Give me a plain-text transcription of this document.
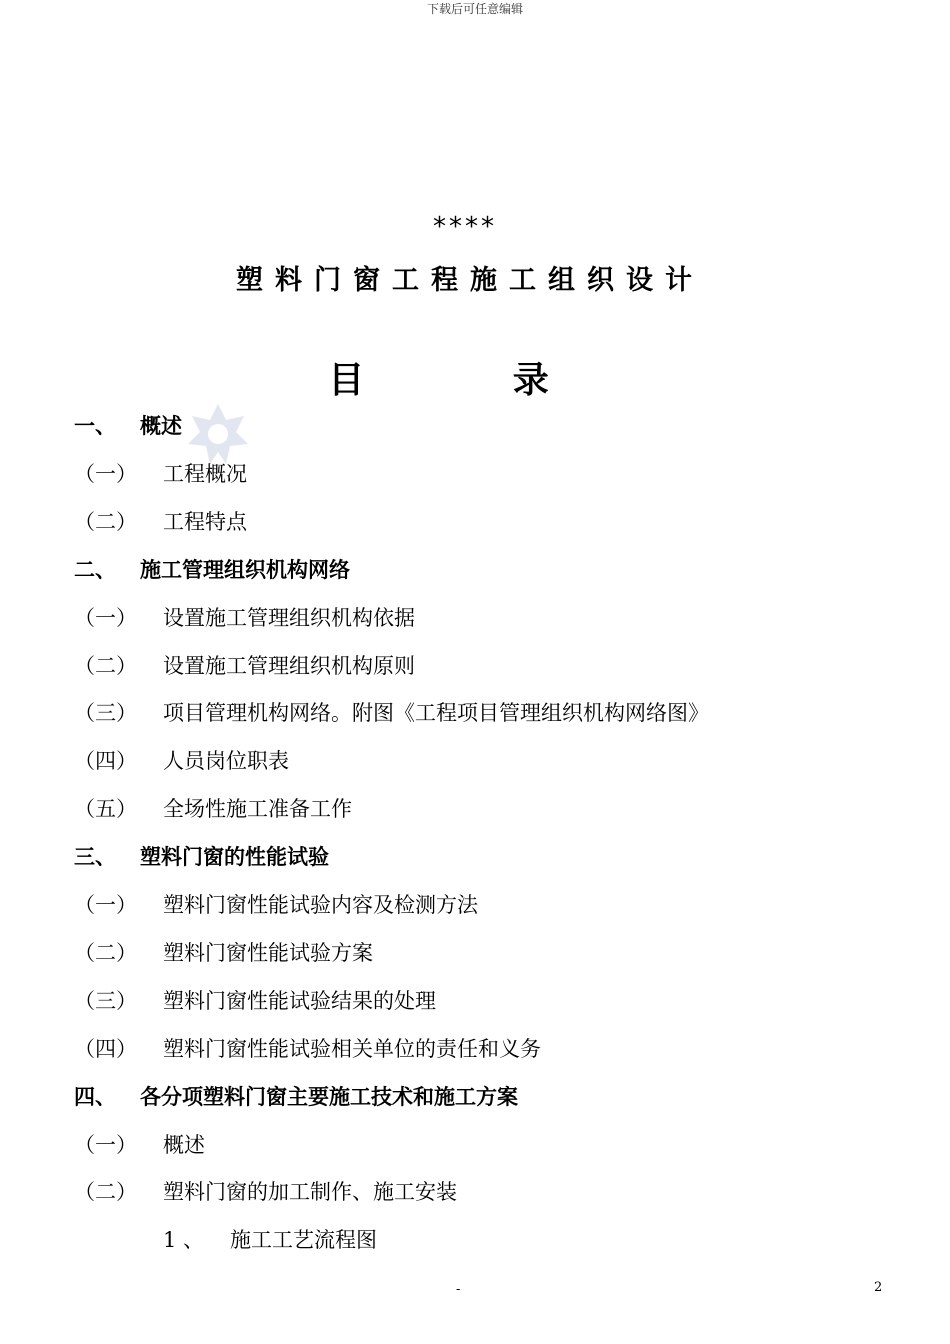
下载后可任意编辑
****
塑料门窗工程施工组织设计
目 录
一、 概述
（一） 工程概况
（二） 工程特点
二、 施工管理组织机构网络
（一） 设置施工管理组织机构依据
（二） 设置施工管理组织机构原则
（三） 项目管理机构网络。附图《工程项目管理组织机构网络图》
（四） 人员岗位职表
（五） 全场性施工准备工作
三、 塑料门窗的性能试验
（一） 塑料门窗性能试验内容及检测方法
（二） 塑料门窗性能试验方案
（三） 塑料门窗性能试验结果的处理
（四） 塑料门窗性能试验相关单位的责任和义务
四、 各分项塑料门窗主要施工技术和施工方案
（一） 概述
（二） 塑料门窗的加工制作、施工安装
1 、 施工工艺流程图
-	2
